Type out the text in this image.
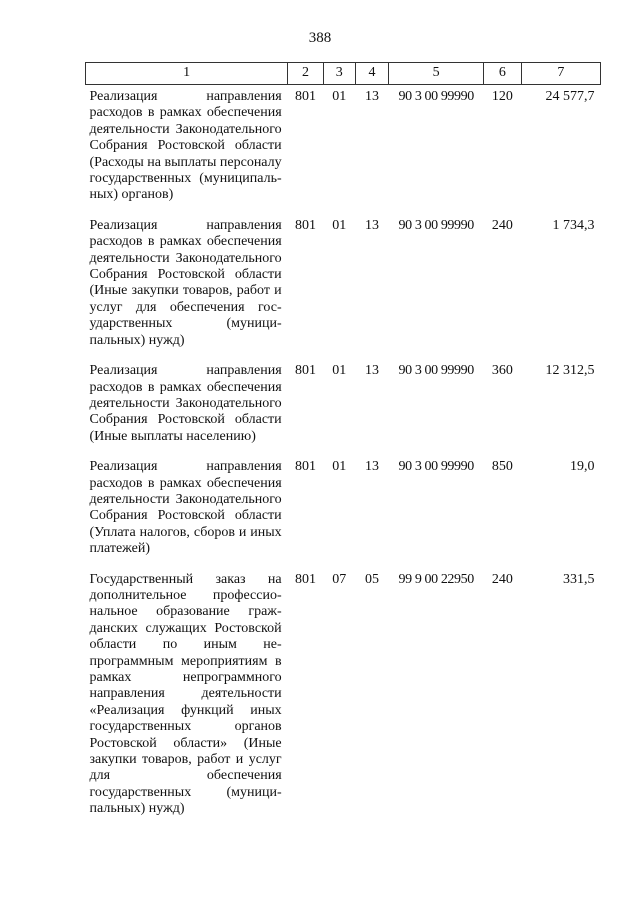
388
1	2	3	4	5	6	7
Реализация направления расходов в рамках обеспечения деятельности Законодательного Собрания Ростовской области (Расходы на выплаты персоналу государственных (муниципальных) органов)	801	01	13	90 3 00 99990	120	24 577,7
Реализация направления расходов в рамках обеспечения деятельности Законодательного Собрания Ростовской области (Иные закупки товаров, работ и услуг для обеспечения государственных (муниципальных) нужд)	801	01	13	90 3 00 99990	240	1 734,3
Реализация направления расходов в рамках обеспечения деятельности Законодательного Собрания Ростовской области (Иные выплаты населению)	801	01	13	90 3 00 99990	360	12 312,5
Реализация направления расходов в рамках обеспечения деятельности Законодательного Собрания Ростовской области (Уплата налогов, сборов и иных платежей)	801	01	13	90 3 00 99990	850	19,0
Государственный заказ на дополнительное профессиональное образование гражданских служащих Ростовской области по иным непрограммным мероприятиям в рамках непрограммного направления деятельности «Реализация функций иных государственных органов Ростовской области» (Иные закупки товаров, работ и услуг для обеспечения государственных (муниципальных) нужд)	801	07	05	99 9 00 22950	240	331,5
